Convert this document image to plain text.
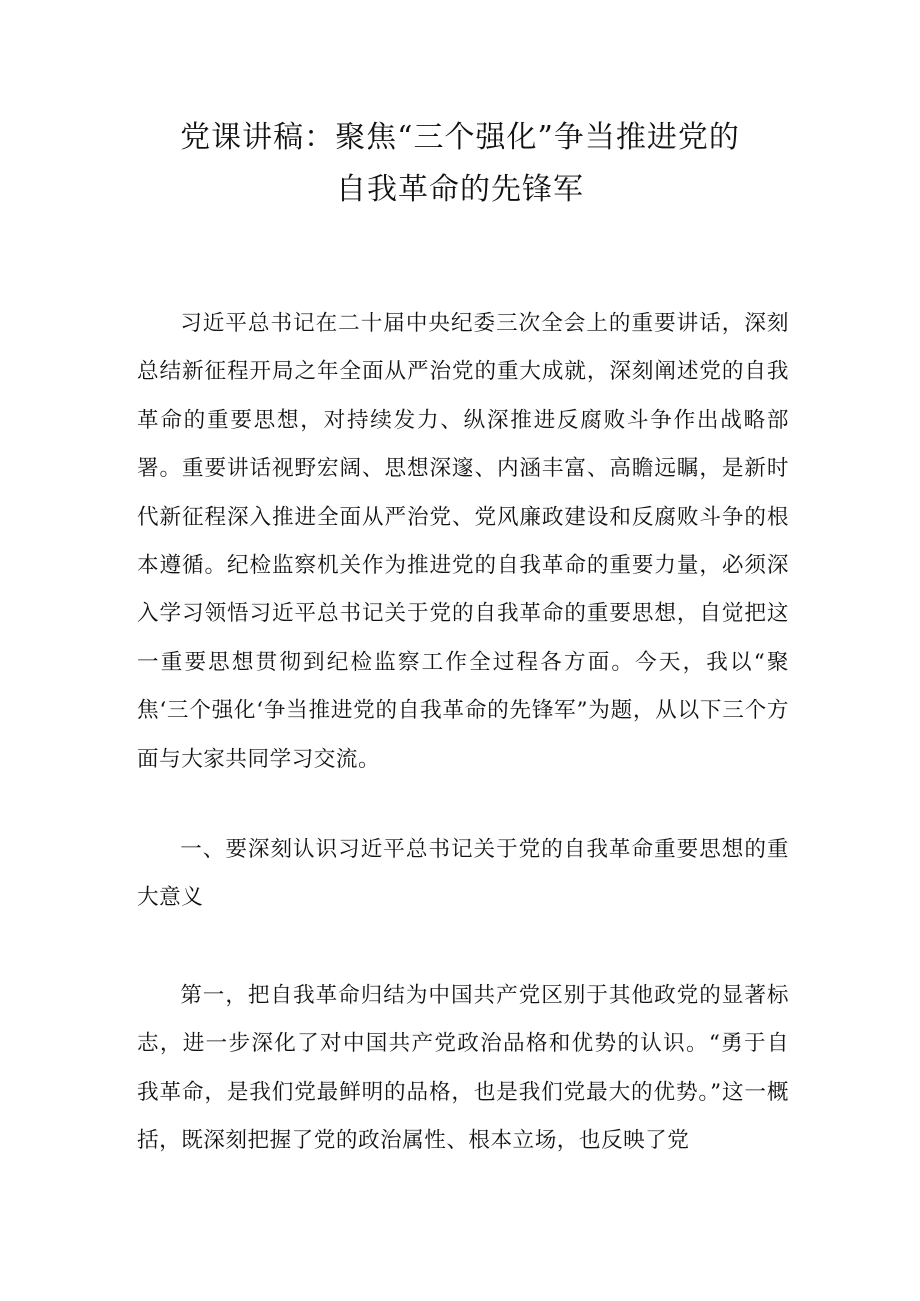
党课讲稿：聚焦“三个强化”争当推进党的
自我革命的先锋军

习近平总书记在二十届中央纪委三次全会上的重要讲话，深刻总结新征程开局之年全面从严治党的重大成就，深刻阐述党的自我革命的重要思想，对持续发力、纵深推进反腐败斗争作出战略部署。重要讲话视野宏阔、思想深邃、内涵丰富、高瞻远瞩，是新时代新征程深入推进全面从严治党、党风廉政建设和反腐败斗争的根本遵循。纪检监察机关作为推进党的自我革命的重要力量，必须深入学习领悟习近平总书记关于党的自我革命的重要思想，自觉把这一重要思想贯彻到纪检监察工作全过程各方面。今天，我以“聚焦‘三个强化‘争当推进党的自我革命的先锋军”为题，从以下三个方面与大家共同学习交流。

一、要深刻认识习近平总书记关于党的自我革命重要思想的重大意义

第一，把自我革命归结为中国共产党区别于其他政党的显著标志，进一步深化了对中国共产党政治品格和优势的认识。“勇于自我革命，是我们党最鲜明的品格，也是我们党最大的优势。”这一概括，既深刻把握了党的政治属性、根本立场，也反映了党
